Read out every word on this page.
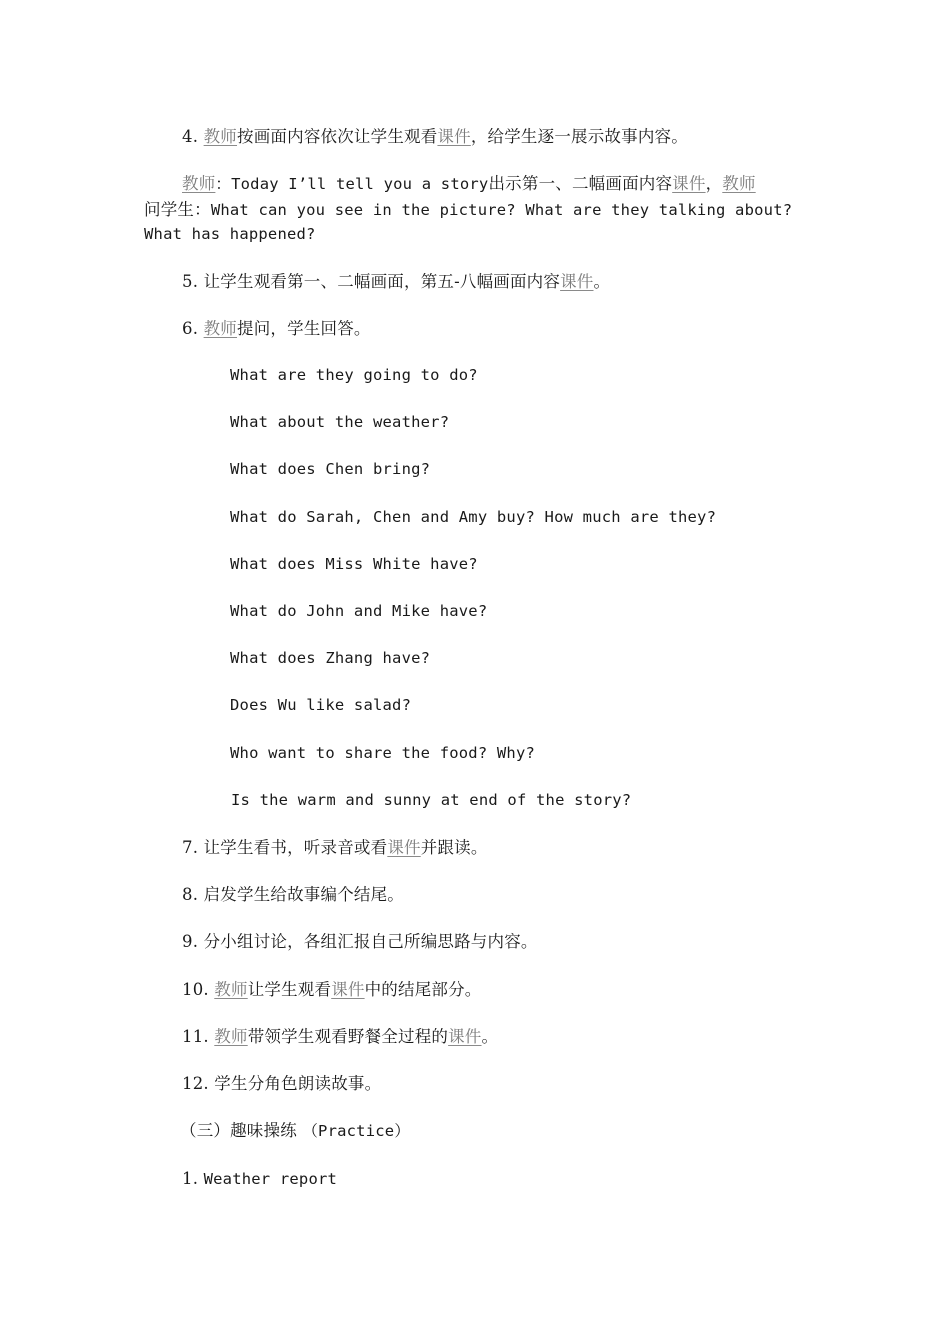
4. 教师按画面内容依次让学生观看课件，给学生逐一展示故事内容。
教师：Today I’ll tell you a story出示第一、二幅画面内容课件，教师
问学生：What can you see in the picture? What are they talking about?
What has happened?
5. 让学生观看第一、二幅画面，第五-八幅画面内容课件。
6. 教师提问，学生回答。
What are they going to do?
What about the weather?
What does Chen bring?
What do Sarah, Chen and Amy buy? How much are they?
What does Miss White have?
What do John and Mike have?
What does Zhang have?
Does Wu like salad?
Who want to share the food? Why?
Is the warm and sunny at end of the story?
7. 让学生看书，听录音或看课件并跟读。
8. 启发学生给故事编个结尾。
9. 分小组讨论，各组汇报自己所编思路与内容。
10. 教师让学生观看课件中的结尾部分。
11. 教师带领学生观看野餐全过程的课件。
12. 学生分角色朗读故事。
（三）趣味操练 （Practice）
1. Weather report
